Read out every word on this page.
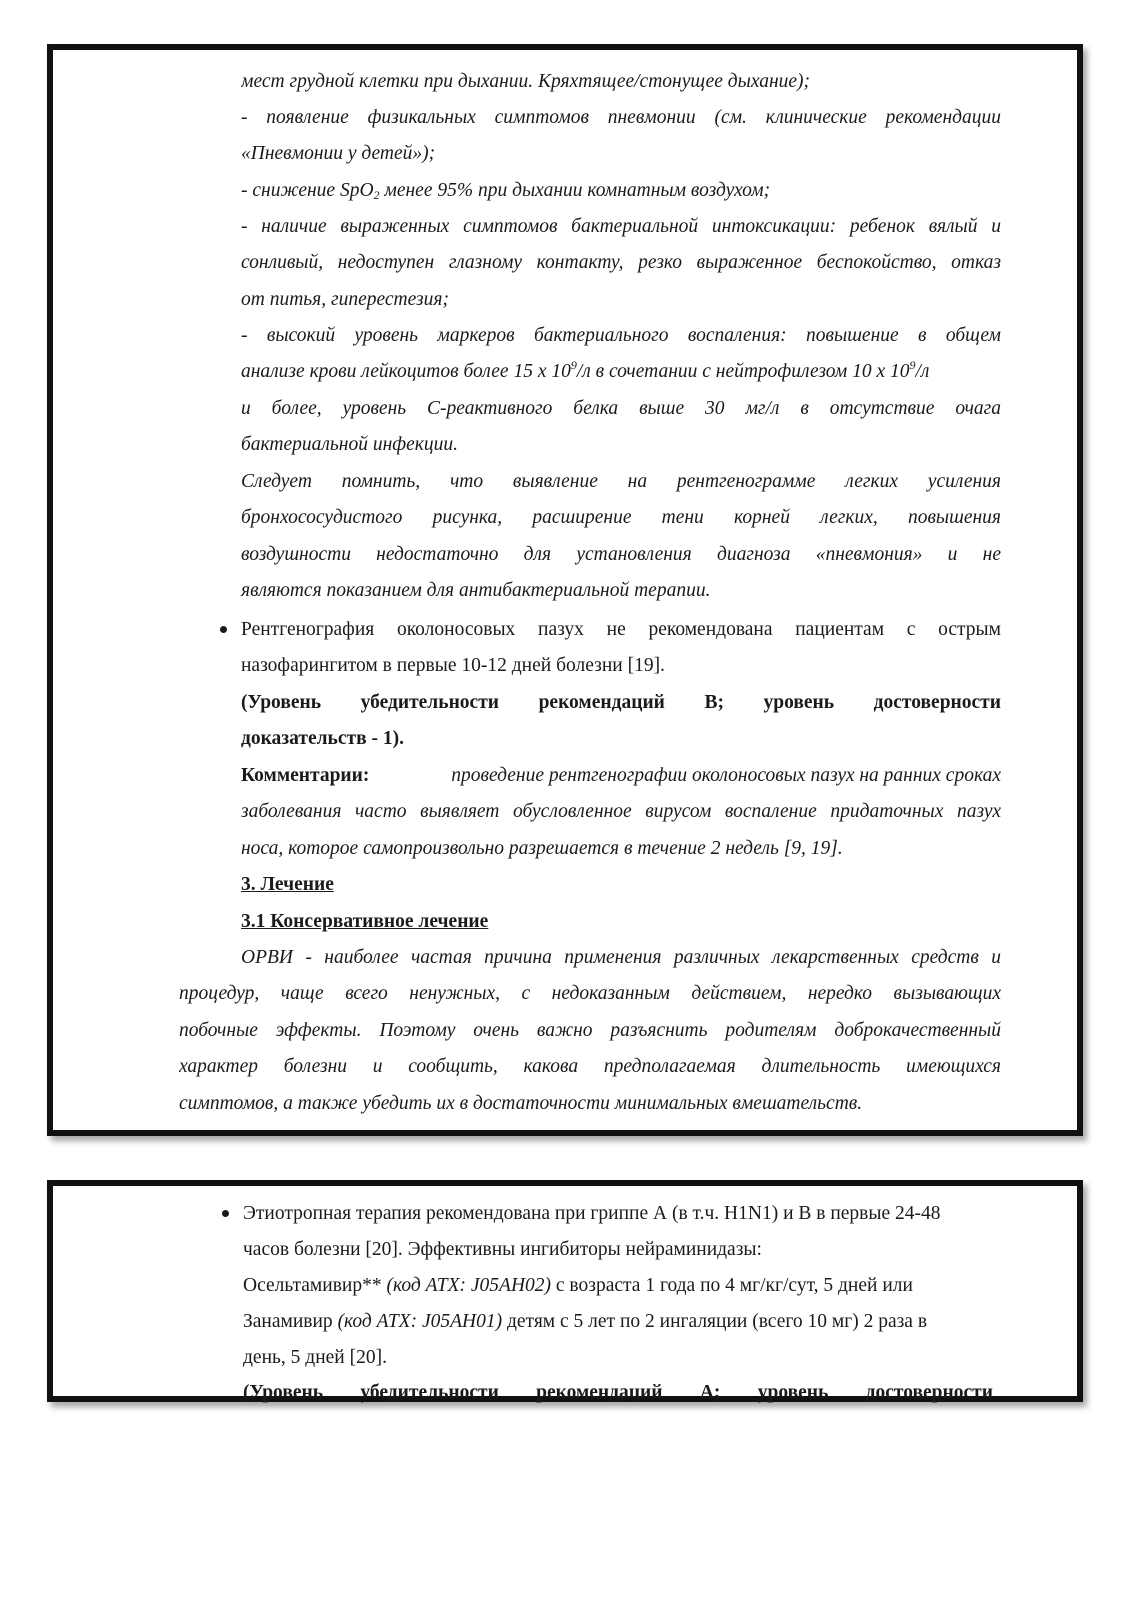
мест грудной клетки при дыхании. Кряхтящее/стонущее дыхание);
- появление физикальных симптомов пневмонии (см. клинические рекомендации
«Пневмонии у детей»);
- снижение SpO$_2$ менее 95% при дыхании комнатным воздухом;
- наличие выраженных симптомов бактериальной интоксикации: ребенок вялый и
сонливый, недоступен глазному контакту, резко выраженное беспокойство, отказ
от питья, гиперестезия;
- высокий уровень маркеров бактериального воспаления: повышение в общем
анализе крови лейкоцитов более 15 х $10^9/л$ в сочетании с нейтрофилезом 10 х $10^9/л$
и более, уровень С-реактивного белка выше 30 мг/л в отсутствие очага
бактериальной инфекции.
Следует помнить, что выявление на рентгенограмме легких усиления
бронхососудистого рисунка, расширение тени корней легких, повышения
воздушности недостаточно для установления диагноза «пневмония» и не
являются показанием для антибактериальной терапии.
Рентгенография околоносовых пазух не рекомендована пациентам с острым
назофарингитом в первые 10-12 дней болезни [19].
(Уровень убедительности рекомендаций В; уровень достоверности
доказательств - 1).
Комментарии:	проведение рентгенографии околоносовых пазух на ранних сроках
заболевания часто выявляет обусловленное вирусом воспаление придаточных пазух
носа, которое самопроизвольно разрешается в течение 2 недель [9, 19].
3. Лечение
3.1 Консервативное лечение
ОРВИ - наиболее частая причина применения различных лекарственных средств и
процедур, чаще всего ненужных, с недоказанным действием, нередко вызывающих
побочные эффекты. Поэтому очень важно разъяснить родителям доброкачественный
характер болезни и сообщить, какова предполагаемая длительность имеющихся
симптомов, а также убедить их в достаточности минимальных вмешательств.
Этиотропная терапия рекомендована при гриппе А (в т.ч. H1N1) и В в первые 24-48
часов болезни [20]. Эффективны ингибиторы нейраминидазы:
Осельтамивир** (код АТХ: J05AH02) с возраста 1 года по 4 мг/кг/сут, 5 дней или
Занамивир (код АТХ: J05AH01) детям с 5 лет по 2 ингаляции (всего 10 мг) 2 раза в
день, 5 дней [20].
(Уровень убедительности рекомендаций А; уровень достоверности
